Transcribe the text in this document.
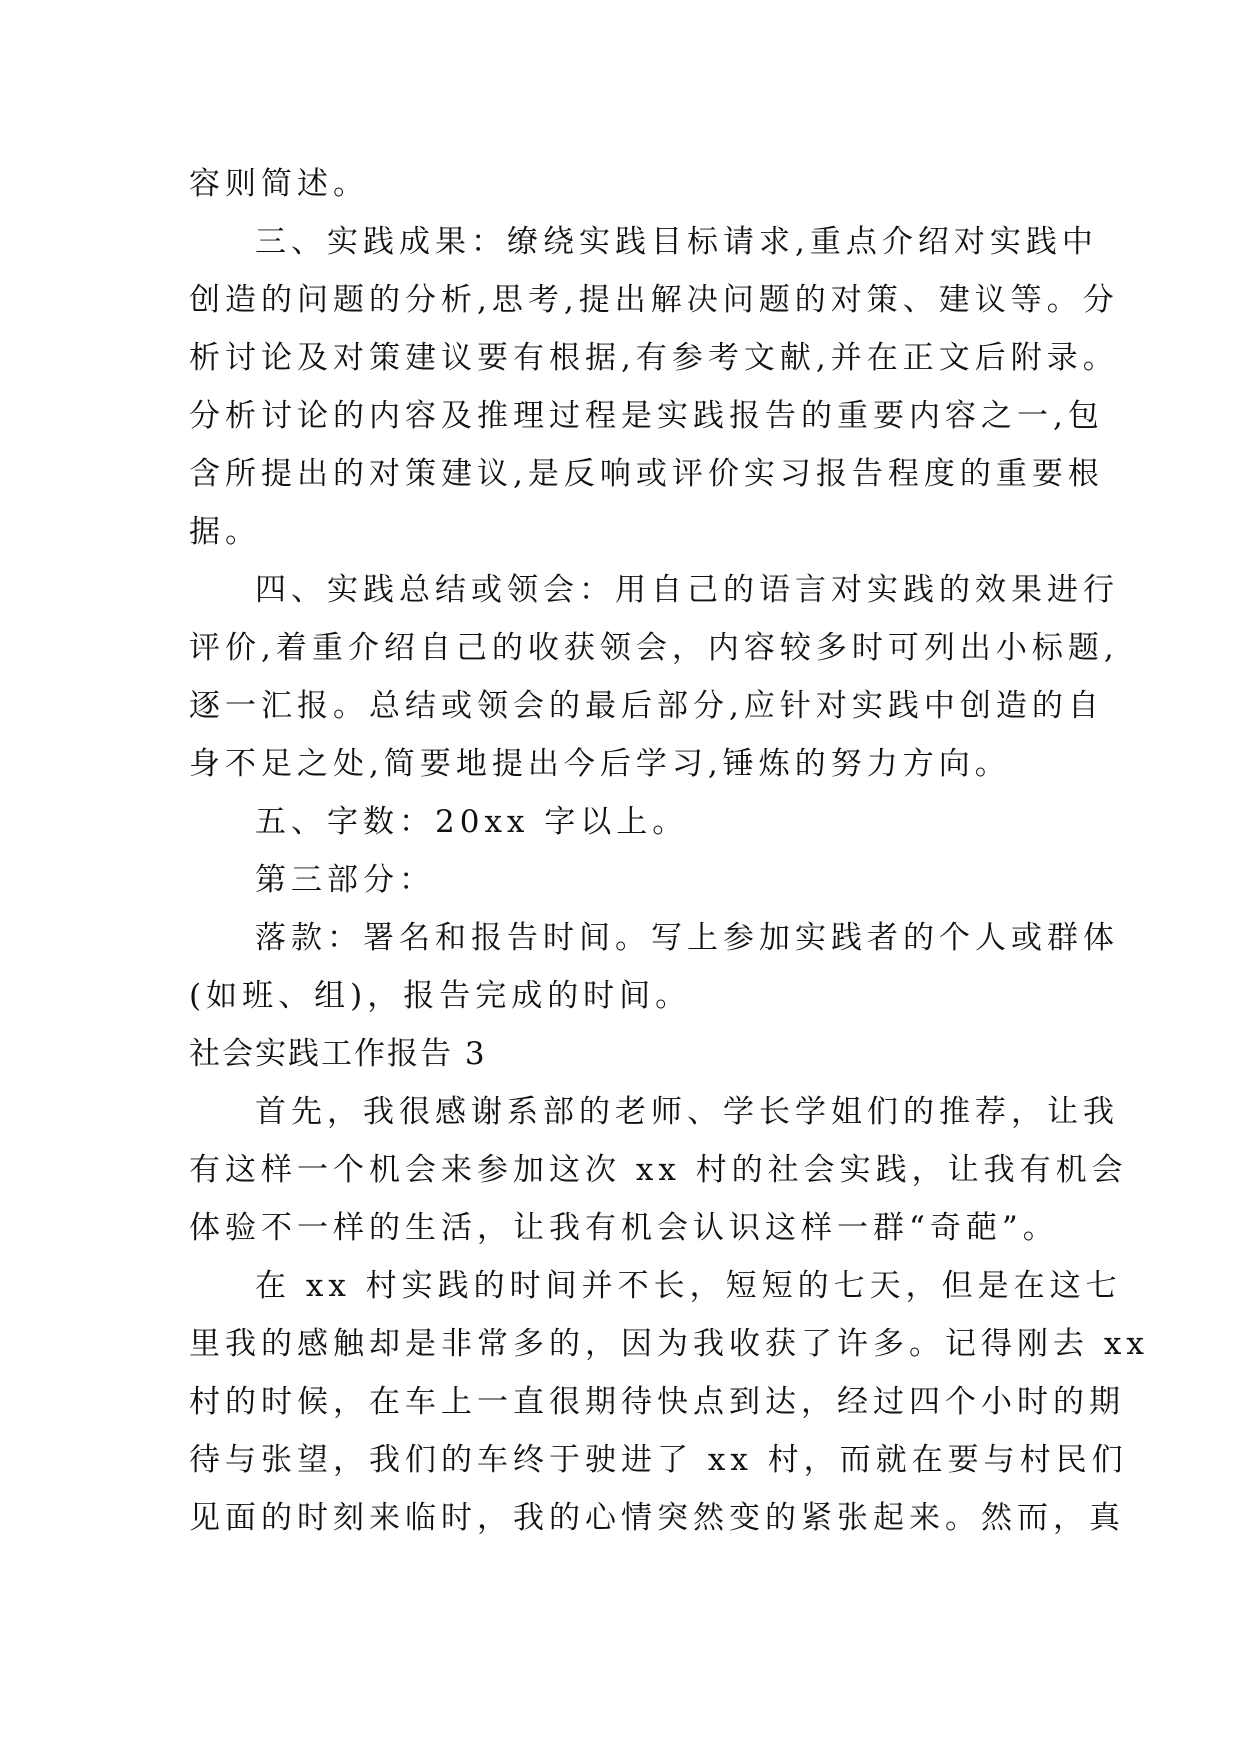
容则简述。
三、实践成果：缭绕实践目标请求,重点介绍对实践中
创造的问题的分析,思考,提出解决问题的对策、建议等。分
析讨论及对策建议要有根据,有参考文献,并在正文后附录。
分析讨论的内容及推理过程是实践报告的重要内容之一,包
含所提出的对策建议,是反响或评价实习报告程度的重要根
据。
四、实践总结或领会：用自己的语言对实践的效果进行
评价,着重介绍自己的收获领会，内容较多时可列出小标题,
逐一汇报。总结或领会的最后部分,应针对实践中创造的自
身不足之处,简要地提出今后学习,锤炼的努力方向。
五、字数：20xx 字以上。
第三部分：
落款：署名和报告时间。写上参加实践者的个人或群体
(如班、组)，报告完成的时间。
社会实践工作报告 3
首先，我很感谢系部的老师、学长学姐们的推荐，让我
有这样一个机会来参加这次 xx 村的社会实践，让我有机会
体验不一样的生活，让我有机会认识这样一群“奇葩”。
在 xx 村实践的时间并不长，短短的七天，但是在这七
里我的感触却是非常多的，因为我收获了许多。记得刚去 xx
村的时候，在车上一直很期待快点到达，经过四个小时的期
待与张望，我们的车终于驶进了 xx 村，而就在要与村民们
见面的时刻来临时，我的心情突然变的紧张起来。然而，真
